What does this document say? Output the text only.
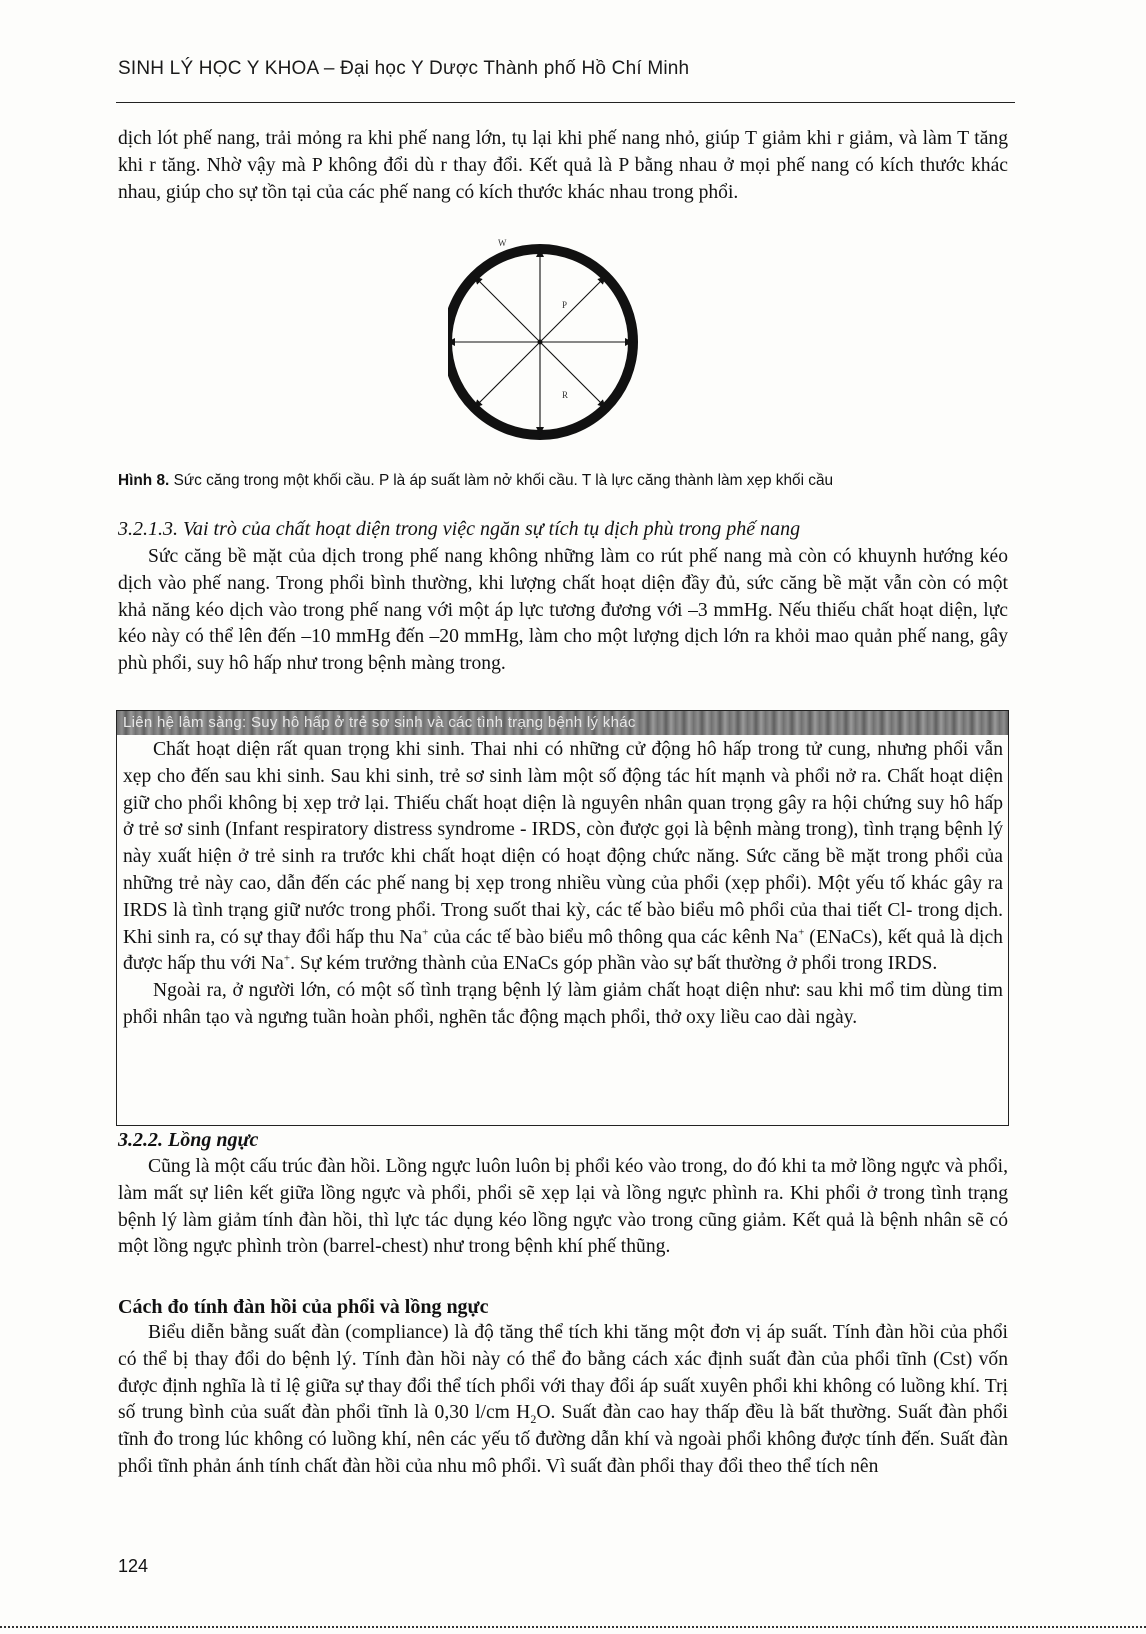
SINH LÝ HỌC Y KHOA – Đại học Y Dược Thành phố Hồ Chí Minh

dịch lót phế nang, trải mỏng ra khi phế nang lớn, tụ lại khi phế nang nhỏ, giúp T giảm khi r giảm, và làm T tăng khi r tăng. Nhờ vậy mà P không đổi dù r thay đổi. Kết quả là P bằng nhau ở mọi phế nang có kích thước khác nhau, giúp cho sự tồn tại của các phế nang có kích thước khác nhau trong phổi.

W
P
R

Hình 8. Sức căng trong một khối cầu. P là áp suất làm nở khối cầu. T là lực căng thành làm xẹp khối cầu

3.2.1.3. Vai trò của chất hoạt diện trong việc ngăn sự tích tụ dịch phù trong phế nang

Sức căng bề mặt của dịch trong phế nang không những làm co rút phế nang mà còn có khuynh hướng kéo dịch vào phế nang. Trong phổi bình thường, khi lượng chất hoạt diện đầy đủ, sức căng bề mặt vẫn còn có một khả năng kéo dịch vào trong phế nang với một áp lực tương đương với –3 mmHg. Nếu thiếu chất hoạt diện, lực kéo này có thể lên đến –10 mmHg đến –20 mmHg, làm cho một lượng dịch lớn ra khỏi mao quản phế nang, gây phù phổi, suy hô hấp như trong bệnh màng trong.

Liên hệ lâm sàng: Suy hô hấp ở trẻ sơ sinh và các tình trạng bệnh lý khác

Chất hoạt diện rất quan trọng khi sinh. Thai nhi có những cử động hô hấp trong tử cung, nhưng phổi vẫn xẹp cho đến sau khi sinh. Sau khi sinh, trẻ sơ sinh làm một số động tác hít mạnh và phổi nở ra. Chất hoạt diện giữ cho phổi không bị xẹp trở lại. Thiếu chất hoạt diện là nguyên nhân quan trọng gây ra hội chứng suy hô hấp ở trẻ sơ sinh (Infant respiratory distress syndrome - IRDS, còn được gọi là bệnh màng trong), tình trạng bệnh lý này xuất hiện ở trẻ sinh ra trước khi chất hoạt diện có hoạt động chức năng. Sức căng bề mặt trong phổi của những trẻ này cao, dẫn đến các phế nang bị xẹp trong nhiều vùng của phổi (xẹp phổi). Một yếu tố khác gây ra IRDS là tình trạng giữ nước trong phổi. Trong suốt thai kỳ, các tế bào biểu mô phổi của thai tiết Cl- trong dịch. Khi sinh ra, có sự thay đổi hấp thu Na+ của các tế bào biểu mô thông qua các kênh Na+ (ENaCs), kết quả là dịch được hấp thu với Na+. Sự kém trưởng thành của ENaCs góp phần vào sự bất thường ở phổi trong IRDS.
Ngoài ra, ở người lớn, có một số tình trạng bệnh lý làm giảm chất hoạt diện như: sau khi mổ tim dùng tim phổi nhân tạo và ngưng tuần hoàn phổi, nghẽn tắc động mạch phổi, thở oxy liều cao dài ngày.

3.2.2. Lồng ngực

Cũng là một cấu trúc đàn hồi. Lồng ngực luôn luôn bị phổi kéo vào trong, do đó khi ta mở lồng ngực và phổi, làm mất sự liên kết giữa lồng ngực và phổi, phổi sẽ xẹp lại và lồng ngực phình ra. Khi phổi ở trong tình trạng bệnh lý làm giảm tính đàn hồi, thì lực tác dụng kéo lồng ngực vào trong cũng giảm. Kết quả là bệnh nhân sẽ có một lồng ngực phình tròn (barrel-chest) như trong bệnh khí phế thũng.

Cách đo tính đàn hồi của phổi và lồng ngực

Biểu diễn bằng suất đàn (compliance) là độ tăng thể tích khi tăng một đơn vị áp suất. Tính đàn hồi của phổi có thể bị thay đổi do bệnh lý. Tính đàn hồi này có thể đo bằng cách xác định suất đàn của phổi tĩnh (Cst) vốn được định nghĩa là tỉ lệ giữa sự thay đổi thể tích phổi với thay đổi áp suất xuyên phổi khi không có luồng khí. Trị số trung bình của suất đàn phổi tĩnh là 0,30 l/cm $H_2O$. Suất đàn cao hay thấp đều là bất thường. Suất đàn phổi tĩnh đo trong lúc không có luồng khí, nên các yếu tố đường dẫn khí và ngoài phổi không được tính đến. Suất đàn phổi tĩnh phản ánh tính chất đàn hồi của nhu mô phổi. Vì suất đàn phổi thay đổi theo thể tích nên

124
